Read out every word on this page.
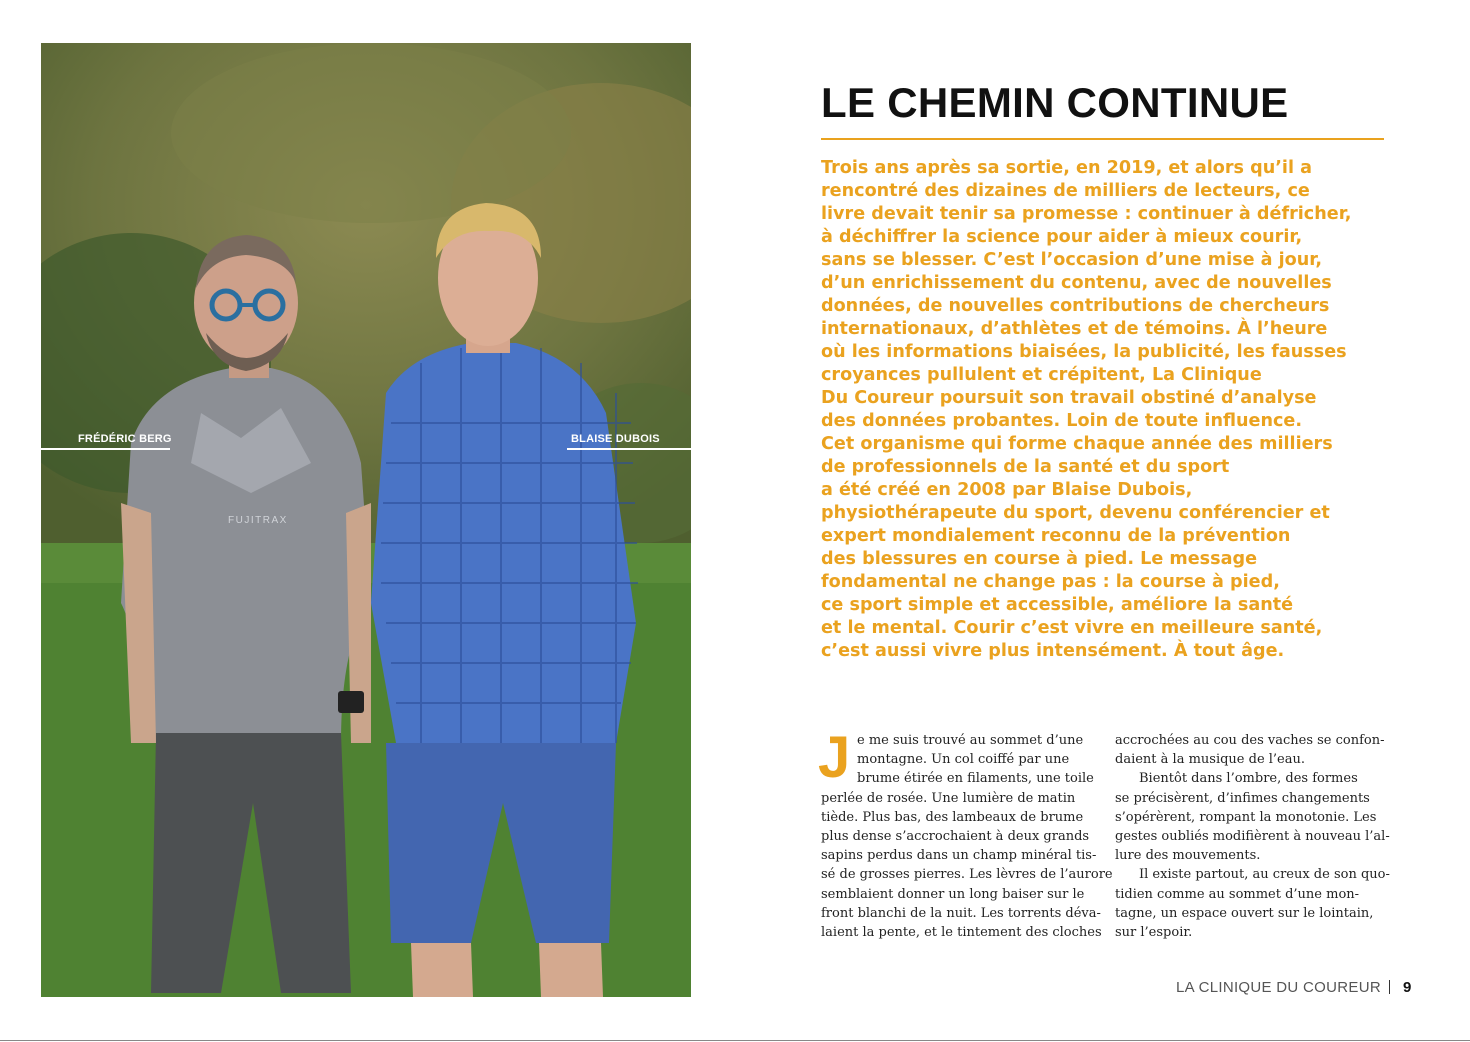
FRÉDÉRIC BERG	BLAISE DUBOIS
FUJITRAX
LE CHEMIN CONTINUE

Trois ans après sa sortie, en 2019, et alors qu’il a
rencontré des dizaines de milliers de lecteurs, ce
livre devait tenir sa promesse : continuer à défricher,
à déchiffrer la science pour aider à mieux courir,
sans se blesser. C’est l’occasion d’une mise à jour,
d’un enrichissement du contenu, avec de nouvelles
données, de nouvelles contributions de chercheurs
internationaux, d’athlètes et de témoins. À l’heure
où les informations biaisées, la publicité, les fausses
croyances pullulent et crépitent, La Clinique
Du Coureur poursuit son travail obstiné d’analyse
des données probantes. Loin de toute influence.
Cet organisme qui forme chaque année des milliers
de professionnels de la santé et du sport
a été créé en 2008 par Blaise Dubois,
physiothérapeute du sport, devenu conférencier et
expert mondialement reconnu de la prévention
des blessures en course à pied. Le message
fondamental ne change pas : la course à pied,
ce sport simple et accessible, améliore la santé
et le mental. Courir c’est vivre en meilleure santé,
c’est aussi vivre plus intensément. À tout âge.

J e me suis trouvé au sommet d’une
montagne. Un col coiffé par une
brume étirée en filaments, une toile
perlée de rosée. Une lumière de matin
tiède. Plus bas, des lambeaux de brume
plus dense s’accrochaient à deux grands
sapins perdus dans un champ minéral tis-
sé de grosses pierres. Les lèvres de l’aurore
semblaient donner un long baiser sur le
front blanchi de la nuit. Les torrents déva-
laient la pente, et le tintement des cloches

accrochées au cou des vaches se confon-
daient à la musique de l’eau.
Bientôt dans l’ombre, des formes
se précisèrent, d’infimes changements
s’opérèrent, rompant la monotonie. Les
gestes oubliés modifièrent à nouveau l’al-
lure des mouvements.
Il existe partout, au creux de son quo-
tidien comme au sommet d’une mon-
tagne, un espace ouvert sur le lointain,
sur l’espoir.

LA CLINIQUE DU COUREUR 9
